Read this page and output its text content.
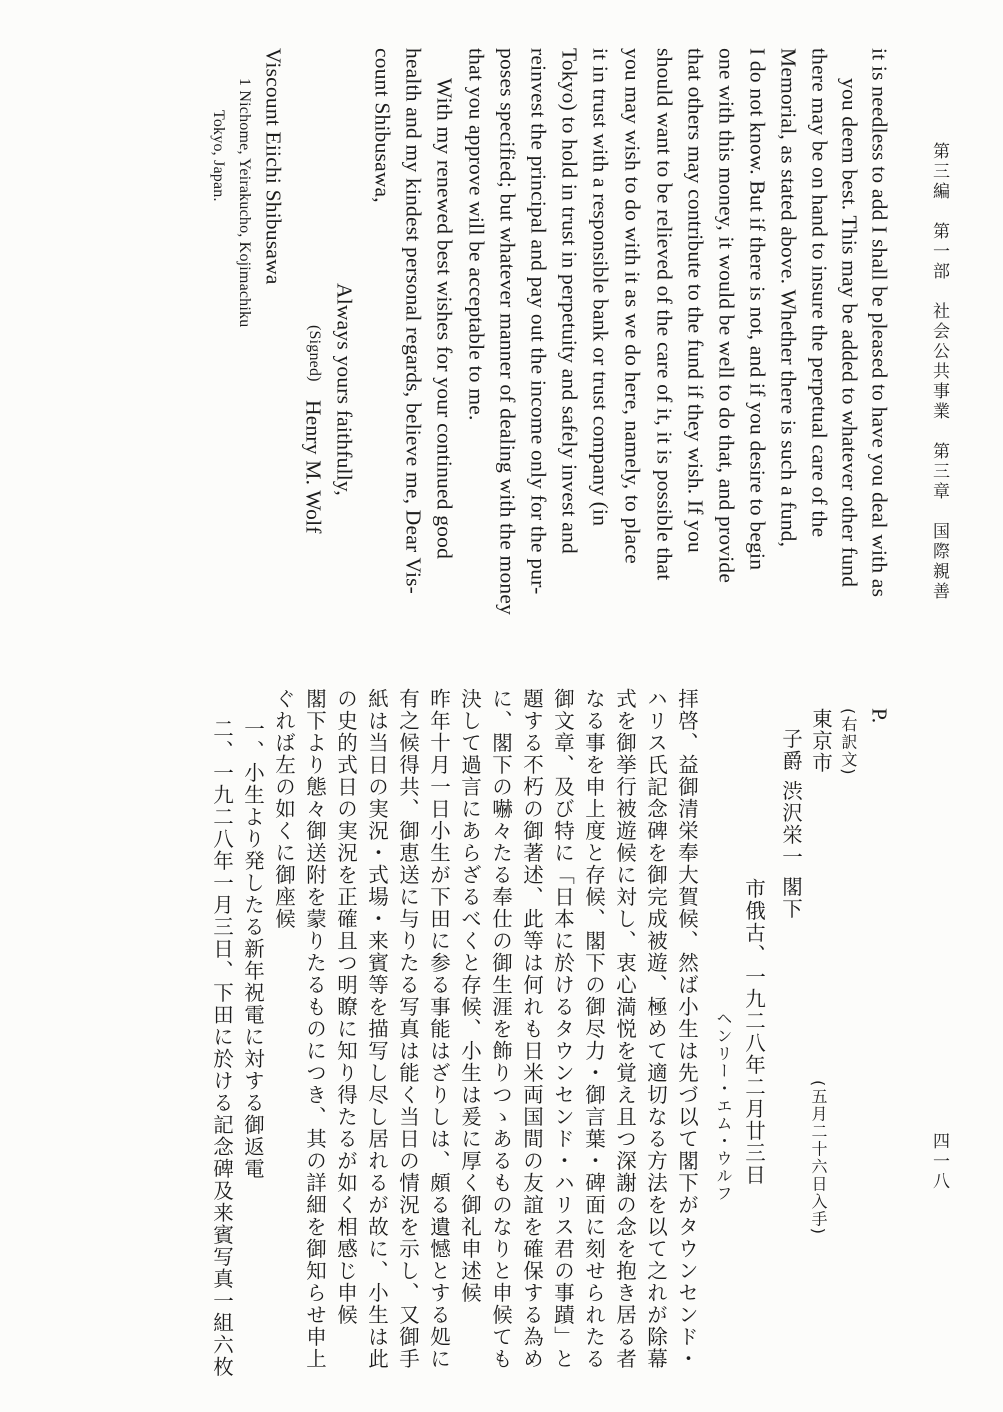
第三編　第一部　社会公共事業　第三章　国際親善
四一八
it is needless to add I shall be pleased to have you deal with as
you deem best. This may be added to whatever other fund
there may be on hand to insure the perpetual care of the
Memorial, as stated above. Whether there is such a fund,
I do not know. But if there is not, and if you desire to begin
one with this money, it would be well to do that, and provide
that others may contribute to the fund if they wish. If you
should want to be relieved of the care of it, it is possible that
you may wish to do with it as we do here, namely, to place
it in trust with a responsible bank or trust company (in
Tokyo) to hold in trust in perpetuity and safely invest and
reinvest the principal and pay out the income only for the pur-
poses specified; but whatever manner of dealing with the money
that you approve will be acceptable to me.
With my renewed best wishes for your continued good
health and my kindest personal regards, believe me, Dear Vis-
count Shibusawa,
Always yours faithfully,
(Signed)
Henry M. Wolf
Viscount Eiichi Shibusawa
1 Nichome, Yeirakucho, Kojimachiku
Tokyo, Japan.
P.
(右訳文)
(五月二十六日入手)
東京市
子爵 渋沢栄一 閣下
ヘンリー・エム・ウルフ 市俄古、一九二八年二月廿三日
拝啓、益御清栄奉大賀候、然ば小生は先づ以て閣下がタウンセンド・
ハリス氏記念碑を御完成被遊、極めて適切なる方法を以て之れが除幕
式を御挙行被遊候に対し、衷心満悦を覚え且つ深謝の念を抱き居る者
なる事を申上度と存候、閣下の御尽力・御言葉・碑面に刻せられたる
御文章、及び特に「日本に於けるタウンセンド・ハリス君の事蹟」と
題する不朽の御著述、此等は何れも日米両国間の友誼を確保する為め
に、閣下の嚇々たる奉仕の御生涯を飾りつゝあるものなりと申候ても
決して過言にあらざるべくと存候、小生は爰に厚く御礼申述候
昨年十月一日小生が下田に参る事能はざりしは、頗る遺憾とする処に
有之候得共、御恵送に与りたる写真は能く当日の情況を示し、又御手
紙は当日の実況・式場・来賓等を描写し尽し居れるが故に、小生は此
の史的式日の実況を正確且つ明瞭に知り得たるが如く相感じ申候
閣下より態々御送附を蒙りたるものにつき、其の詳細を御知らせ申上
ぐれば左の如くに御座候
一、小生より発したる新年祝電に対する御返電
二、一九二八年一月三日、下田に於ける記念碑及来賓写真一組六枚
